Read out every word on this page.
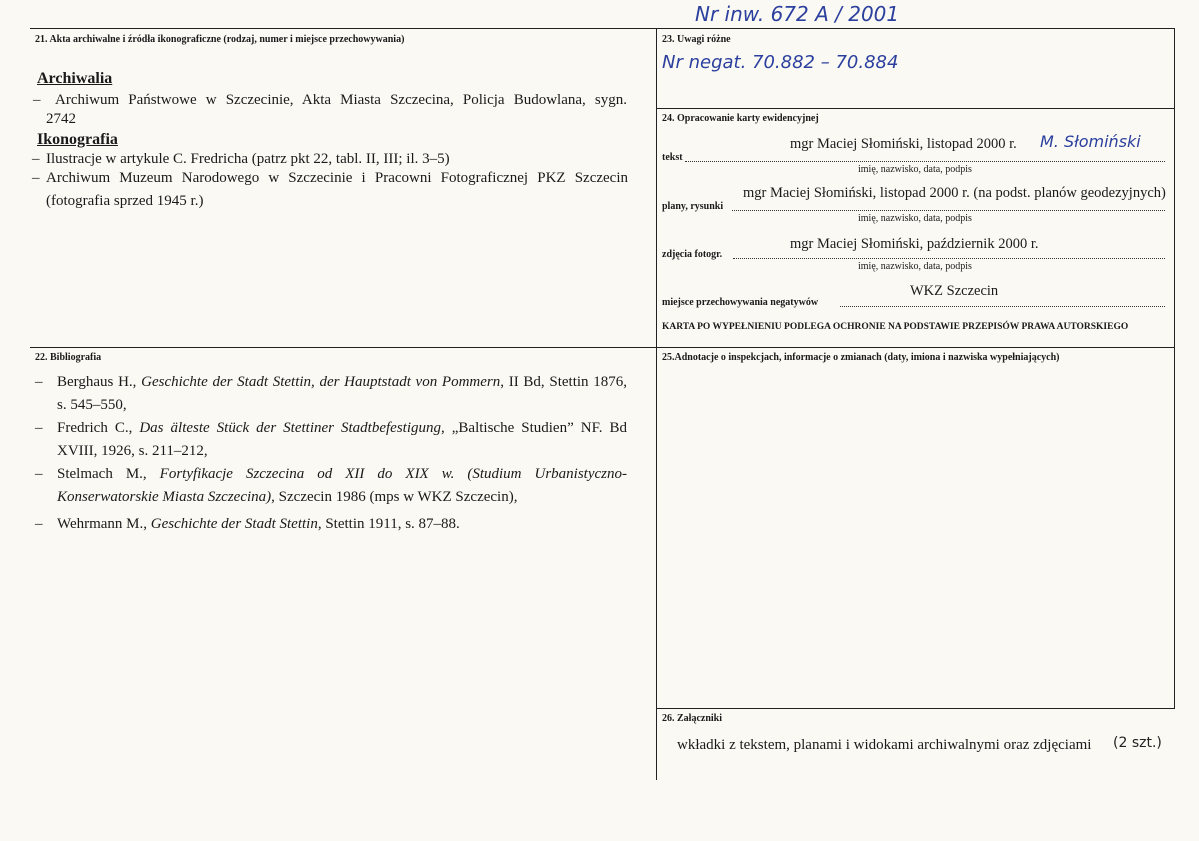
Nr inw. 672 A / 2001
21. Akta archiwalne i źródła ikonograficzne (rodzaj, numer i miejsce przechowywania)
Archiwalia
– Archiwum Państwowe w Szczecinie, Akta Miasta Szczecina, Policja Budowlana, sygn.
2742
Ikonografia
– Ilustracje w artykule C. Fredricha (patrz pkt 22, tabl. II, III; il. 3–5)
– Archiwum Muzeum Narodowego w Szczecinie i Pracowni Fotograficznej PKZ Szczecin (fotografia sprzed 1945 r.)
23. Uwagi różne
Nr negat. 70.882 – 70.884
24. Opracowanie karty ewidencyjnej
mgr Maciej Słomiński, listopad 2000 r. M. Słomiński
tekst
imię, nazwisko, data, podpis
mgr Maciej Słomiński, listopad 2000 r. (na podst. planów geodezyjnych)
plany, rysunki
imię, nazwisko, data, podpis
mgr Maciej Słomiński, październik 2000 r.
zdjęcia fotogr.
imię, nazwisko, data, podpis
WKZ Szczecin
miejsce przechowywania negatywów
KARTA PO WYPEŁNIENIU PODLEGA OCHRONIE NA PODSTAWIE PRZEPISÓW PRAWA AUTORSKIEGO
22. Bibliografia
– Berghaus H., Geschichte der Stadt Stettin, der Hauptstadt von Pommern, II Bd, Stettin 1876, s. 545–550,
– Fredrich C., Das älteste Stück der Stettiner Stadtbefestigung, „Baltische Studien” NF. Bd XVIII, 1926, s. 211–212,
– Stelmach M., Fortyfikacje Szczecina od XII do XIX w. (Studium Urbanistyczno-Konserwatorskie Miasta Szczecina), Szczecin 1986 (mps w WKZ Szczecin),
– Wehrmann M., Geschichte der Stadt Stettin, Stettin 1911, s. 87–88.
25.Adnotacje o inspekcjach, informacje o zmianach (daty, imiona i nazwiska wypełniających)
26. Załączniki
wkładki z tekstem, planami i widokami archiwalnymi oraz zdjęciami (2 szt.)
